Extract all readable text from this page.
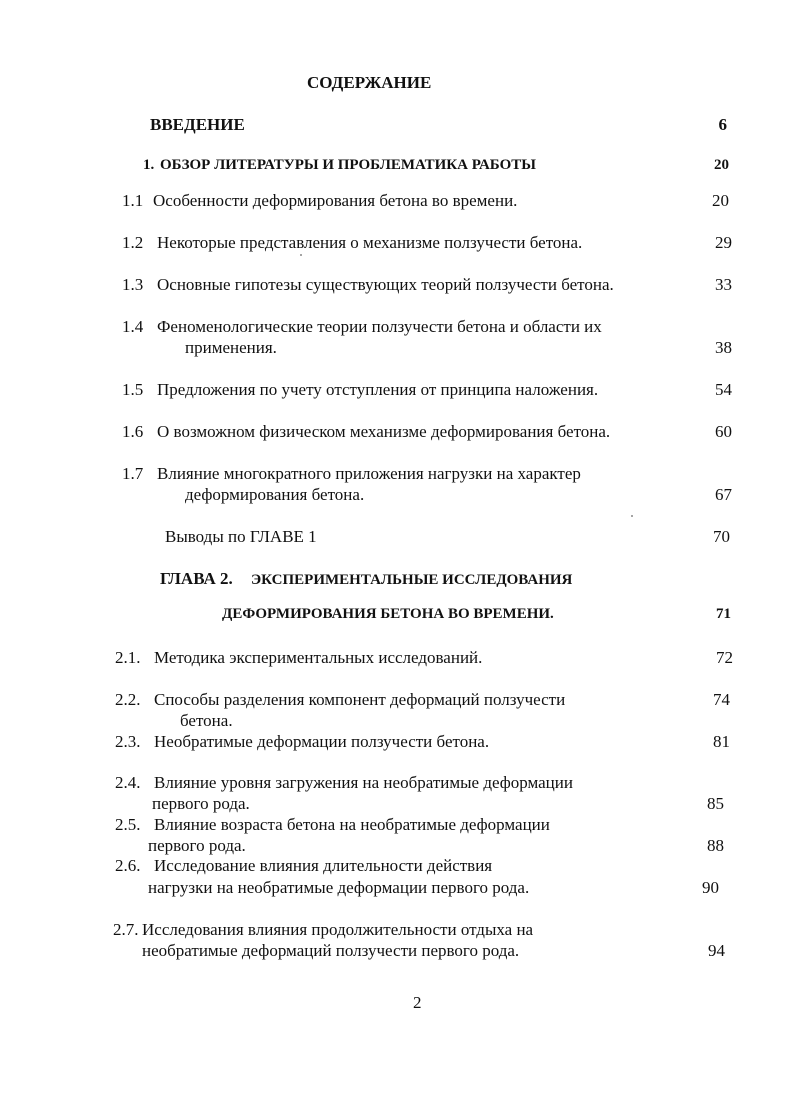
СОДЕРЖАНИЕ
ВВЕДЕНИЕ	6
1. ОБЗОР ЛИТЕРАТУРЫ И ПРОБЛЕМАТИКА РАБОТЫ	20
1.1 Особенности деформирования бетона во времени.	20
1.2 Некоторые представления о механизме ползучести бетона.	29
1.3 Основные гипотезы существующих теорий ползучести бетона.	33
1.4 Феноменологические теории ползучести бетона и области их
применения.	38
1.5 Предложения по учету отступления от принципа наложения.	54
1.6 О возможном физическом механизме деформирования бетона.	60
1.7 Влияние многократного приложения нагрузки на характер
деформирования бетона.	67
Выводы по ГЛАВЕ 1	70
ГЛАВА 2. ЭКСПЕРИМЕНТАЛЬНЫЕ ИССЛЕДОВАНИЯ
ДЕФОРМИРОВАНИЯ БЕТОНА ВО ВРЕМЕНИ.	71
2.1. Методика экспериментальных исследований.	72
2.2. Способы разделения компонент деформаций ползучести	74
бетона.
2.3. Необратимые деформации ползучести бетона.	81
2.4. Влияние уровня загружения на необратимые деформации
первого рода.	85
2.5. Влияние возраста бетона на необратимые деформации
первого рода.	88
2.6. Исследование влияния длительности действия
нагрузки на необратимые деформации первого рода.	90
2.7. Исследования влияния продолжительности отдыха на
необратимые деформаций ползучести первого рода.	94
2
